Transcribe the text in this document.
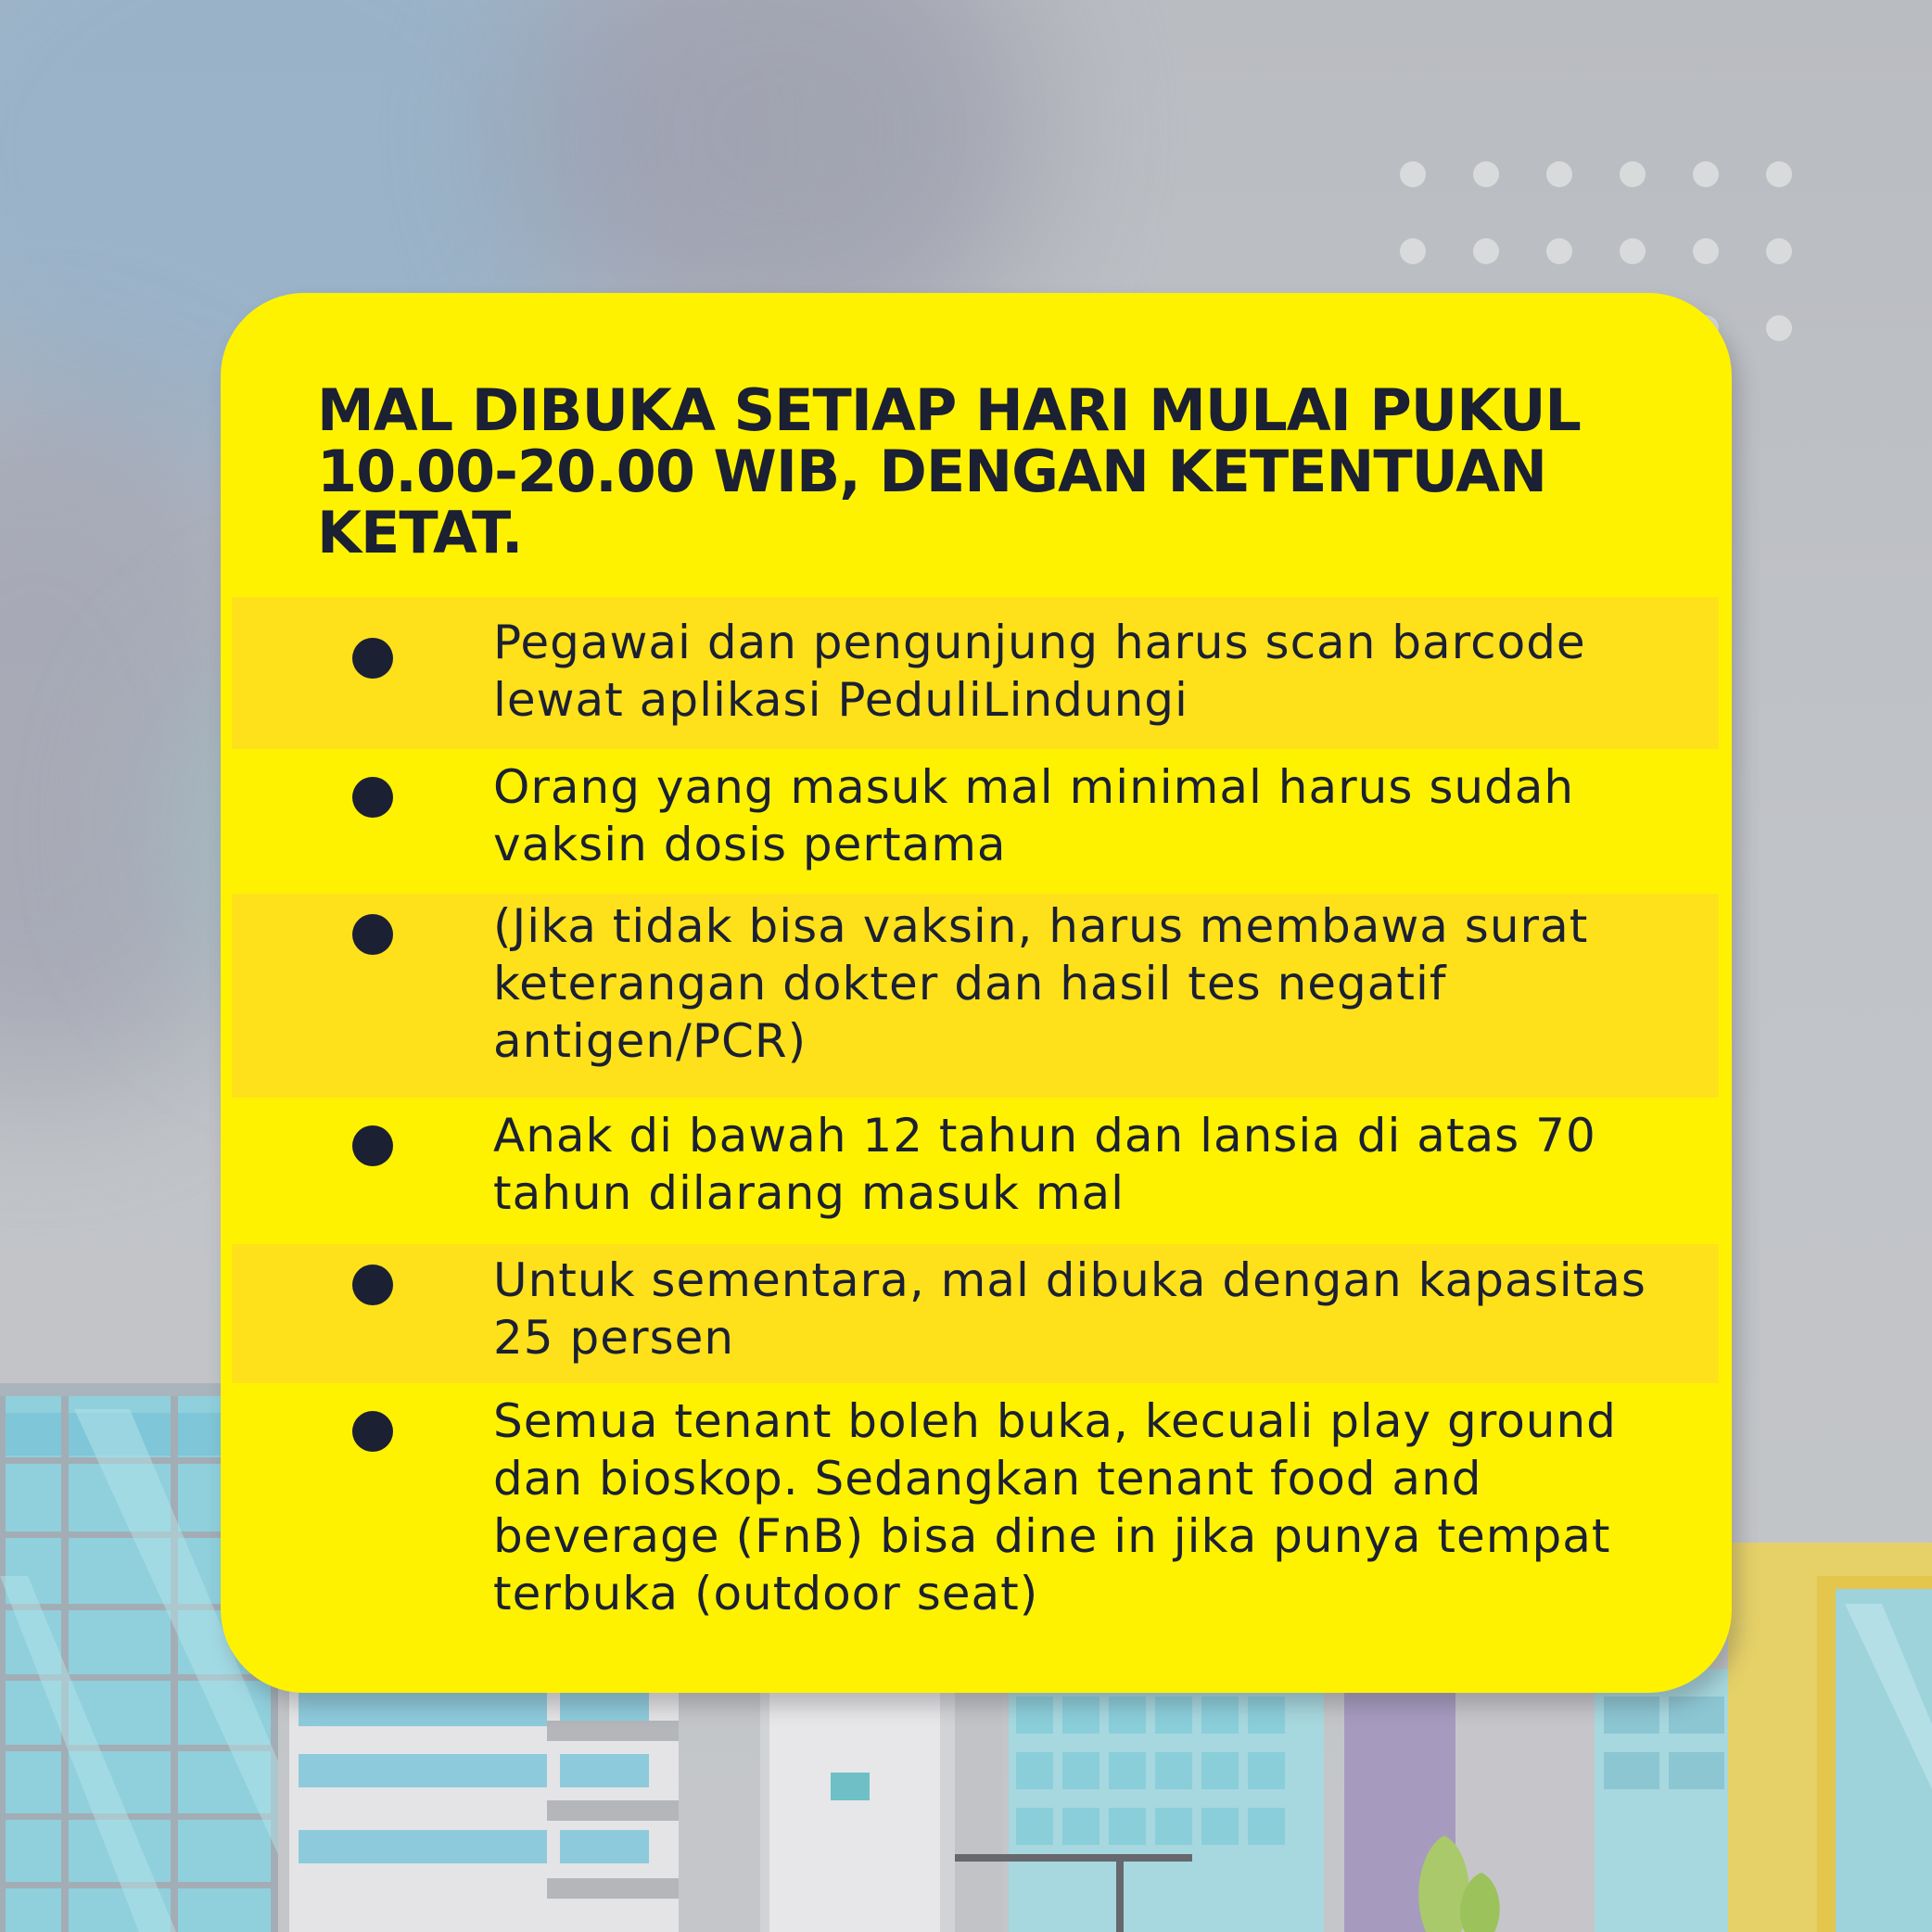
MAL DIBUKA SETIAP HARI MULAI PUKUL 10.00-20.00 WIB, DENGAN KETENTUAN KETAT.
Pegawai dan pengunjung harus scan barcode lewat aplikasi PeduliLindungi
Orang yang masuk mal minimal harus sudah vaksin dosis pertama
(Jika tidak bisa vaksin, harus membawa surat keterangan dokter dan hasil tes negatif antigen/PCR)
Anak di bawah 12 tahun dan lansia di atas 70 tahun dilarang masuk mal
Untuk sementara, mal dibuka dengan kapasitas 25 persen
Semua tenant boleh buka, kecuali play ground dan bioskop. Sedangkan tenant food and beverage (FnB) bisa dine in jika punya tempat terbuka (outdoor seat)
